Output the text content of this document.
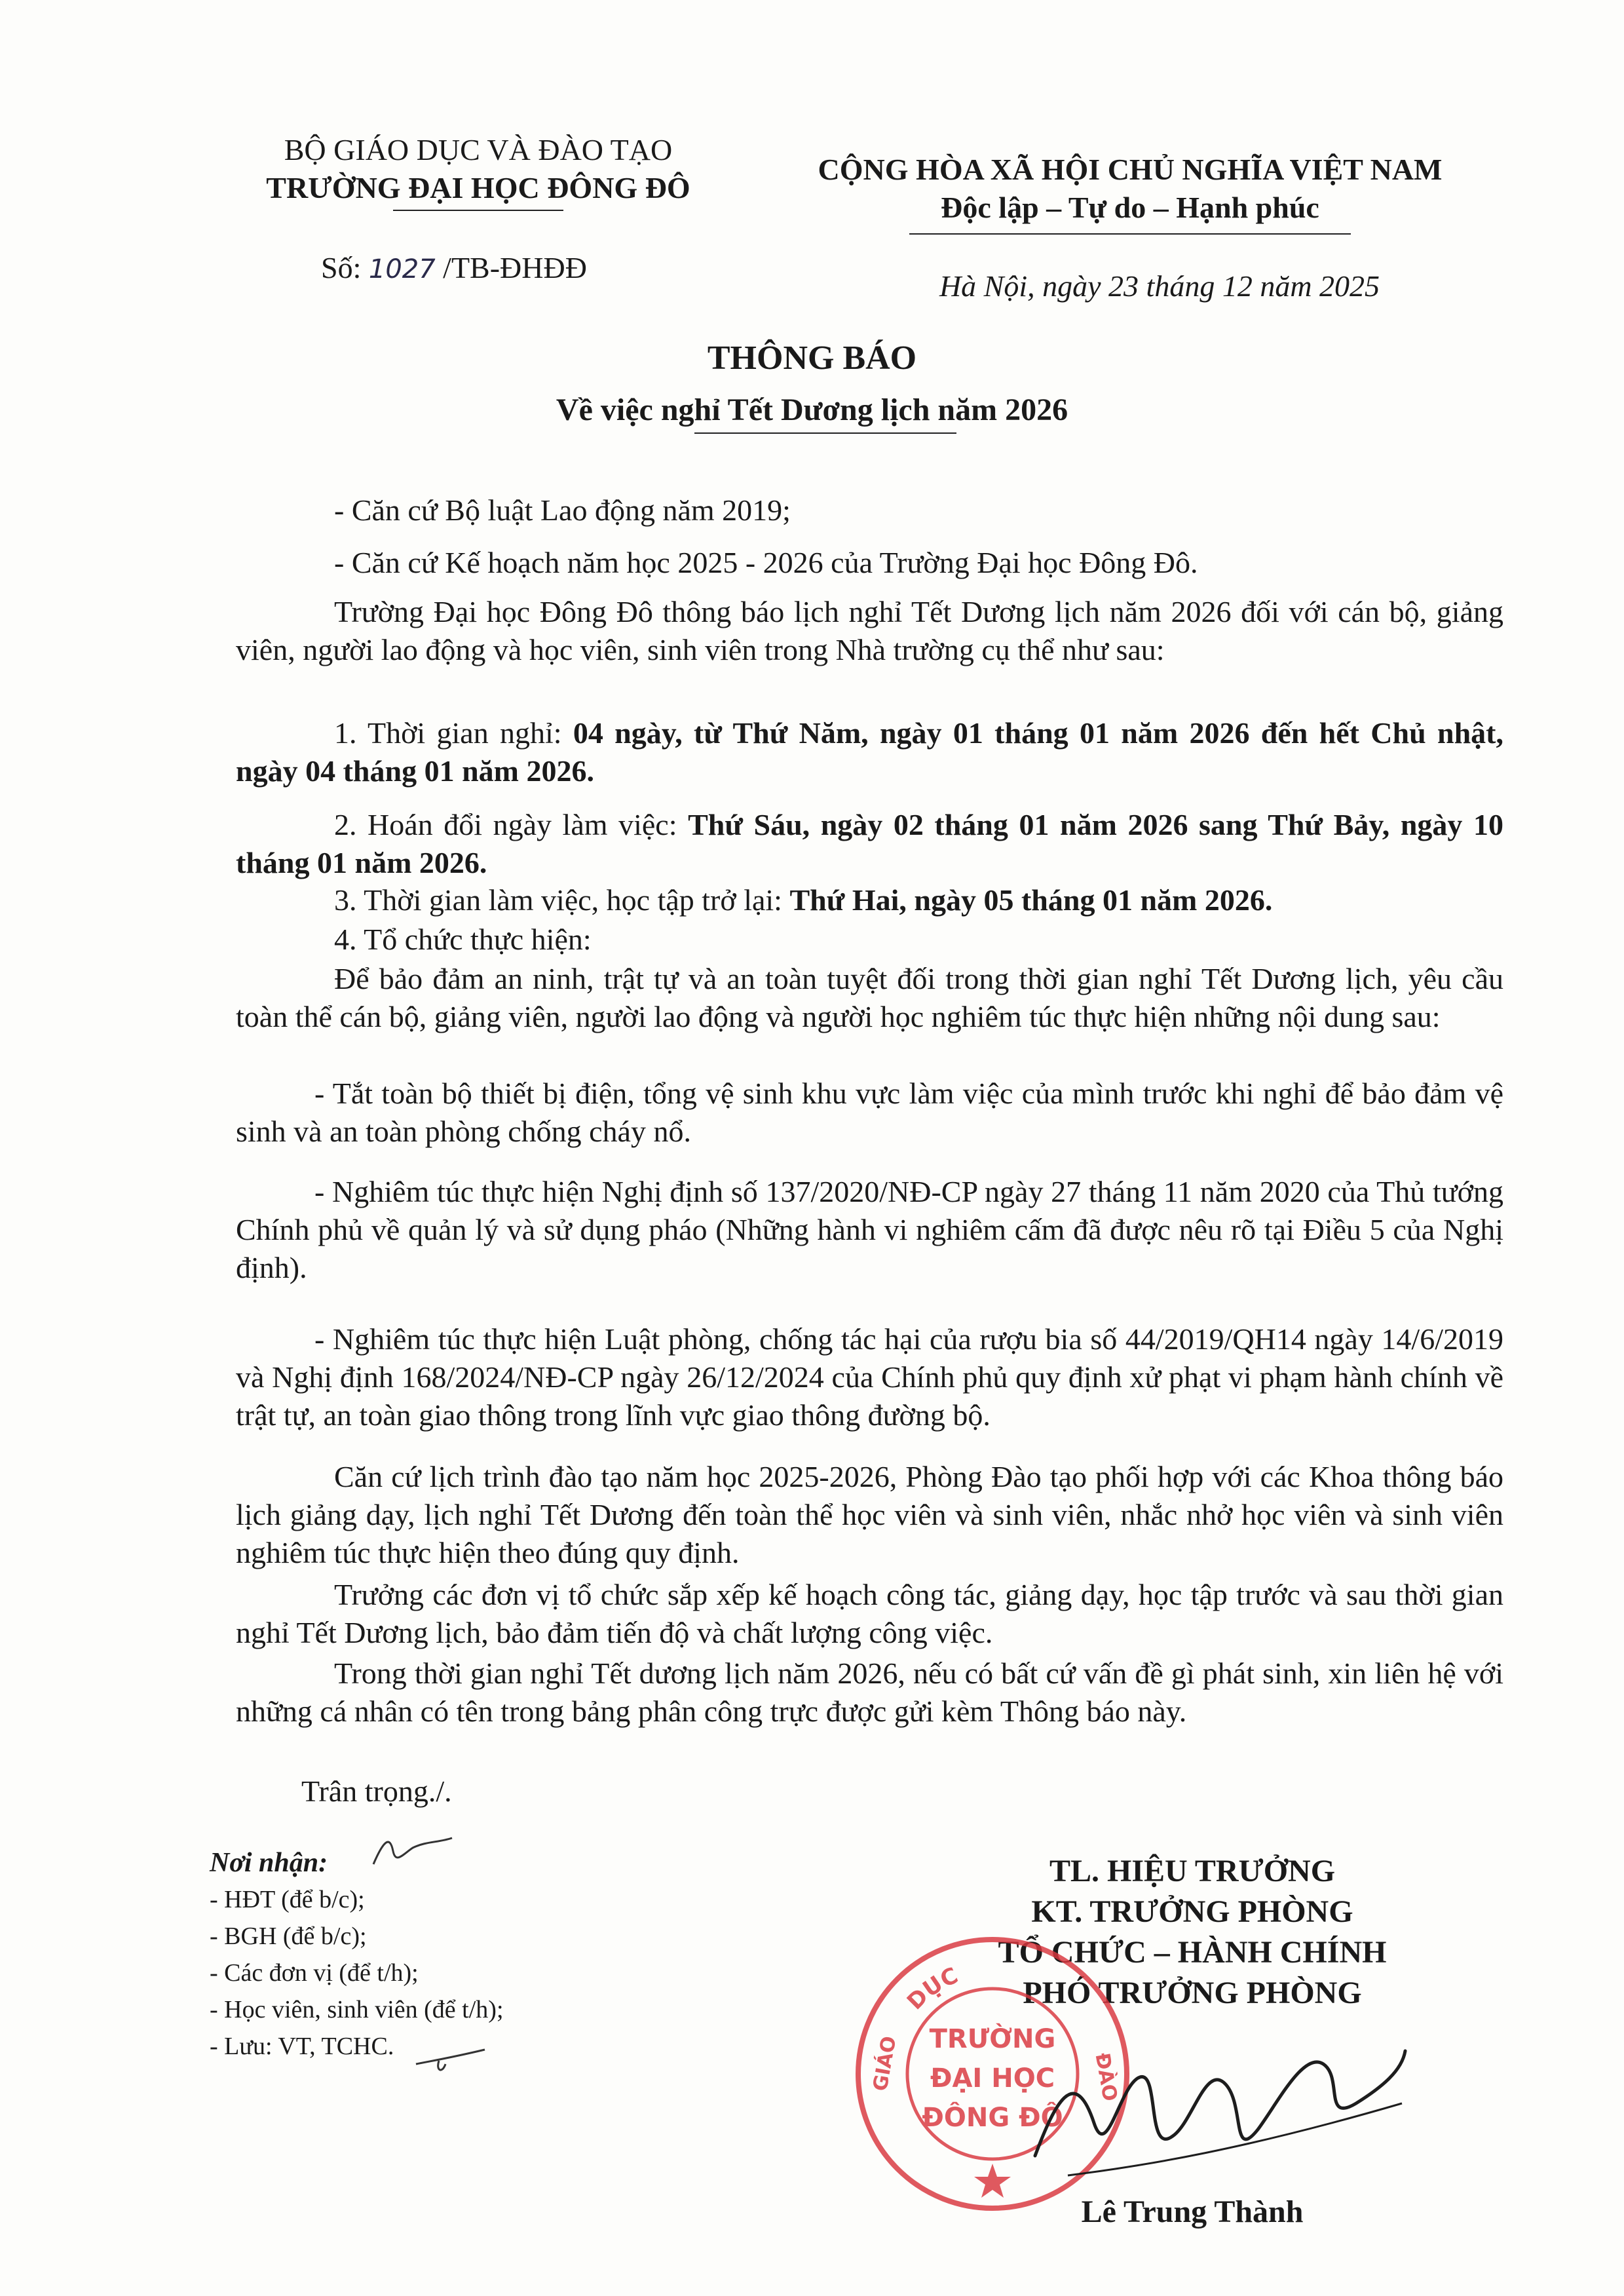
BỘ GIÁO DỤC VÀ ĐÀO TẠO
TRƯỜNG ĐẠI HỌC ĐÔNG ĐÔ
Số: 1027 /TB-ĐHĐĐ
CỘNG HÒA XÃ HỘI CHỦ NGHĨA VIỆT NAM
Độc lập – Tự do – Hạnh phúc
Hà Nội, ngày 23 tháng 12 năm 2025
THÔNG BÁO
Về việc nghỉ Tết Dương lịch năm 2026
- Căn cứ Bộ luật Lao động năm 2019;
- Căn cứ Kế hoạch năm học 2025 - 2026 của Trường Đại học Đông Đô.
Trường Đại học Đông Đô thông báo lịch nghỉ Tết Dương lịch năm 2026 đối với cán bộ, giảng viên, người lao động và học viên, sinh viên trong Nhà trường cụ thể như sau:
1. Thời gian nghỉ: 04 ngày, từ Thứ Năm, ngày 01 tháng 01 năm 2026 đến hết Chủ nhật, ngày 04 tháng 01 năm 2026.
2. Hoán đổi ngày làm việc: Thứ Sáu, ngày 02 tháng 01 năm 2026 sang Thứ Bảy, ngày 10 tháng 01 năm 2026.
3. Thời gian làm việc, học tập trở lại: Thứ Hai, ngày 05 tháng 01 năm 2026.
4. Tổ chức thực hiện:
Để bảo đảm an ninh, trật tự và an toàn tuyệt đối trong thời gian nghỉ Tết Dương lịch, yêu cầu toàn thể cán bộ, giảng viên, người lao động và người học nghiêm túc thực hiện những nội dung sau:
- Tắt toàn bộ thiết bị điện, tổng vệ sinh khu vực làm việc của mình trước khi nghỉ để bảo đảm vệ sinh và an toàn phòng chống cháy nổ.
- Nghiêm túc thực hiện Nghị định số 137/2020/NĐ-CP ngày 27 tháng 11 năm 2020 của Thủ tướng Chính phủ về quản lý và sử dụng pháo (Những hành vi nghiêm cấm đã được nêu rõ tại Điều 5 của Nghị định).
- Nghiêm túc thực hiện Luật phòng, chống tác hại của rượu bia số 44/2019/QH14 ngày 14/6/2019 và Nghị định 168/2024/NĐ-CP ngày 26/12/2024 của Chính phủ quy định xử phạt vi phạm hành chính về trật tự, an toàn giao thông trong lĩnh vực giao thông đường bộ.
Căn cứ lịch trình đào tạo năm học 2025-2026, Phòng Đào tạo phối hợp với các Khoa thông báo lịch giảng dạy, lịch nghỉ Tết Dương đến toàn thể học viên và sinh viên, nhắc nhở học viên và sinh viên nghiêm túc thực hiện theo đúng quy định.
Trưởng các đơn vị tổ chức sắp xếp kế hoạch công tác, giảng dạy, học tập trước và sau thời gian nghỉ Tết Dương lịch, bảo đảm tiến độ và chất lượng công việc.
Trong thời gian nghỉ Tết dương lịch năm 2026, nếu có bất cứ vấn đề gì phát sinh, xin liên hệ với những cá nhân có tên trong bảng phân công trực được gửi kèm Thông báo này.
Trân trọng./.
Nơi nhận:
- HĐT (để b/c);
- BGH (để b/c);
- Các đơn vị (để t/h);
- Học viên, sinh viên (để t/h);
- Lưu: VT, TCHC.
TL. HIỆU TRƯỞNG
KT. TRƯỞNG PHÒNG
TỔ CHỨC – HÀNH CHÍNH
PHÓ TRƯỞNG PHÒNG
DỤC
GIÁO	ĐÀO
TRƯỜNG
ĐẠI HỌC
ĐÔNG ĐÔ
Lê Trung Thành
